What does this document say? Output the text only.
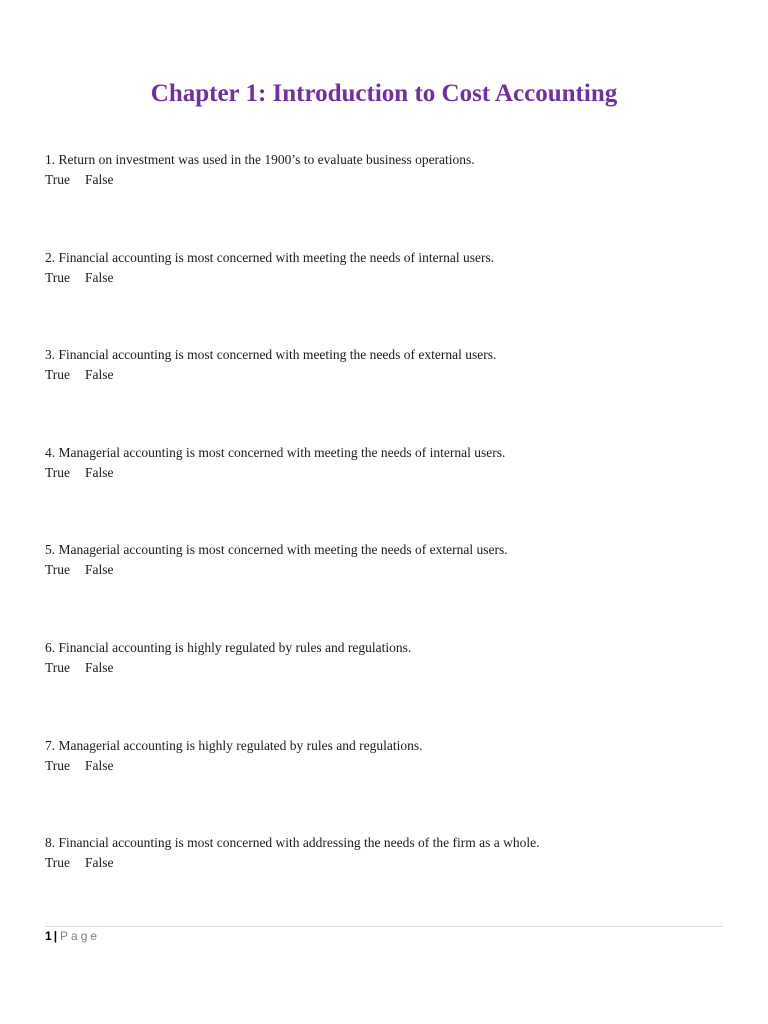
Chapter 1: Introduction to Cost Accounting
1. Return on investment was used in the 1900’s to evaluate business operations.
True False
2. Financial accounting is most concerned with meeting the needs of internal users.
True False
3. Financial accounting is most concerned with meeting the needs of external users.
True False
4. Managerial accounting is most concerned with meeting the needs of internal users.
True False
5. Managerial accounting is most concerned with meeting the needs of external users.
True False
6. Financial accounting is highly regulated by rules and regulations.
True False
7. Managerial accounting is highly regulated by rules and regulations.
True False
8. Financial accounting is most concerned with addressing the needs of the firm as a whole.
True False
1 | Page
